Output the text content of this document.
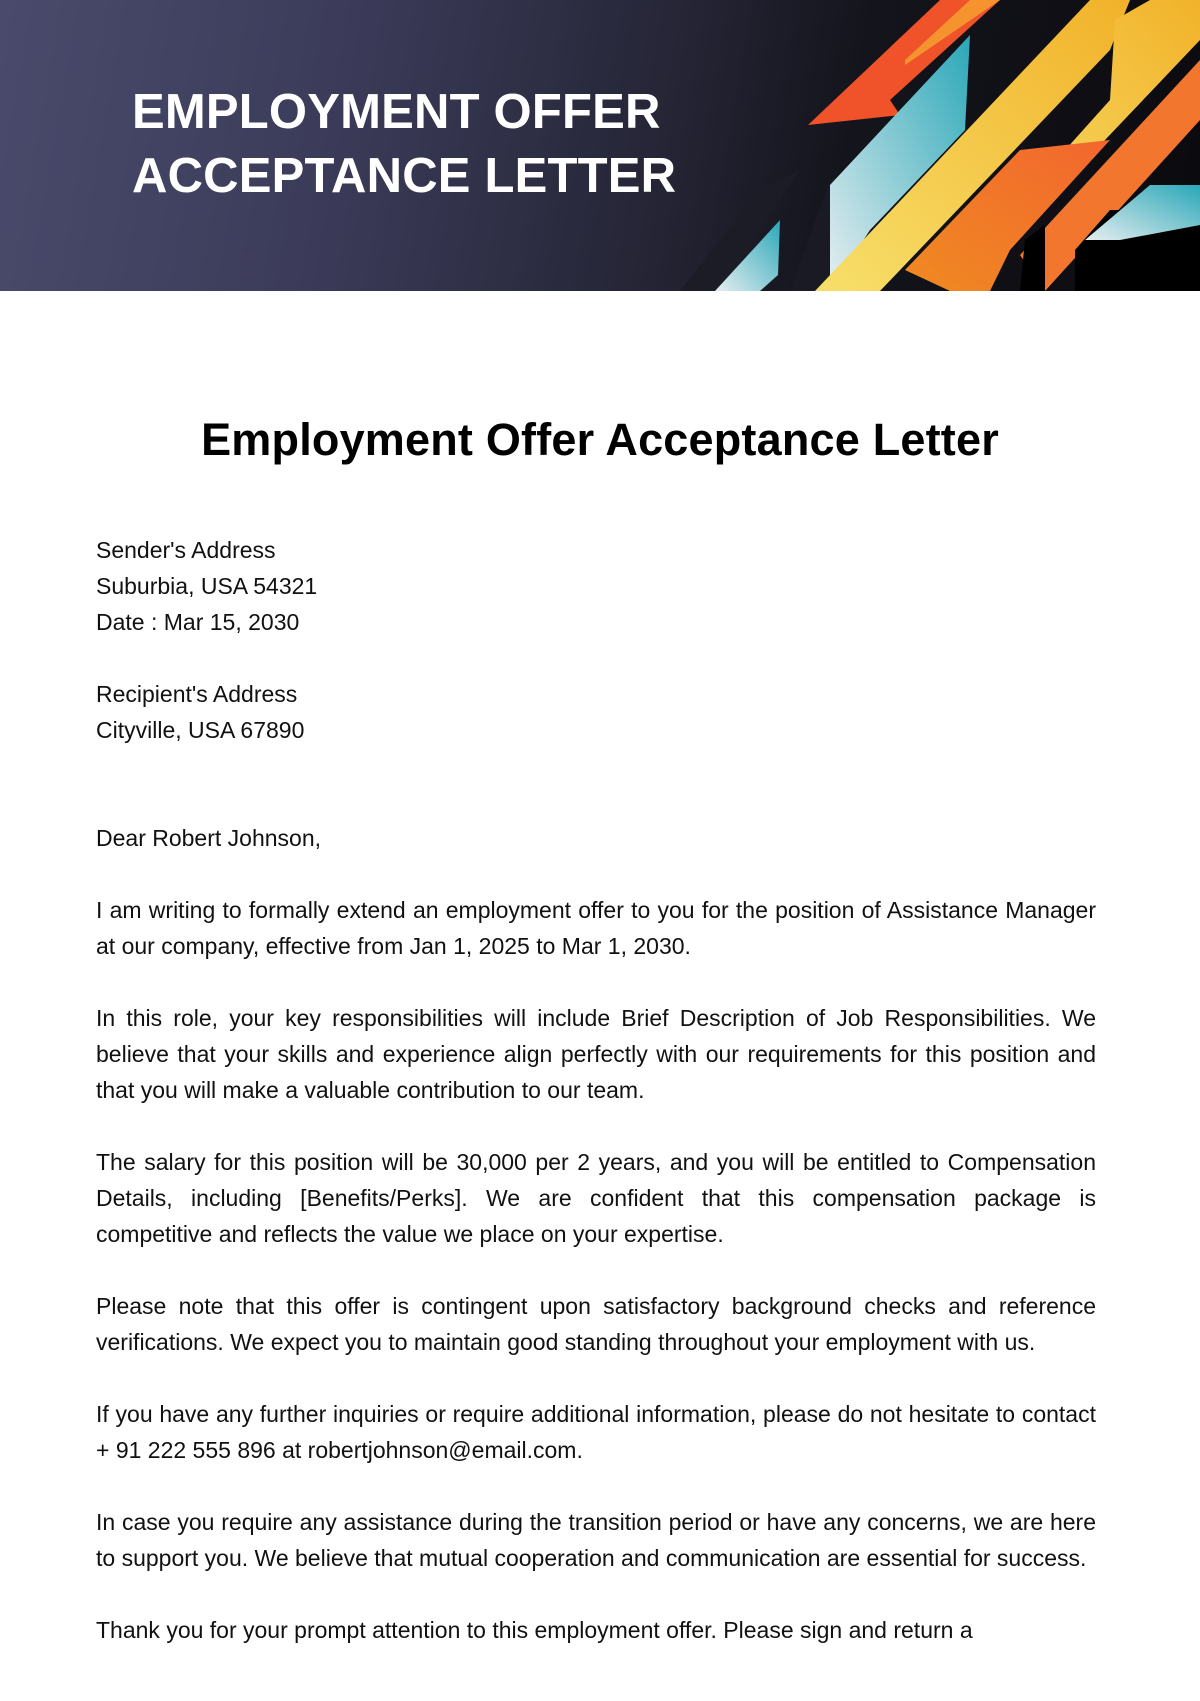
EMPLOYMENT OFFER
ACCEPTANCE LETTER
Employment Offer Acceptance Letter
Sender's Address
Suburbia, USA 54321
Date : Mar 15, 2030
Recipient's Address
Cityville, USA 67890

Dear Robert Johnson,

I am writing to formally extend an employment offer to you for the position of Assistance Manager at our company, effective from Jan 1, 2025 to Mar 1, 2030.

In this role, your key responsibilities will include Brief Description of Job Responsibilities. We believe that your skills and experience align perfectly with our requirements for this position and that you will make a valuable contribution to our team.

The salary for this position will be 30,000 per 2 years, and you will be entitled to Compensation Details, including [Benefits/Perks]. We are confident that this compensation package is competitive and reflects the value we place on your expertise.

Please note that this offer is contingent upon satisfactory background checks and reference verifications. We expect you to maintain good standing throughout your employment with us.

If you have any further inquiries or require additional information, please do not hesitate to contact + 91 222 555 896 at robertjohnson@email.com.

In case you require any assistance during the transition period or have any concerns, we are here to support you. We believe that mutual cooperation and communication are essential for success.

Thank you for your prompt attention to this employment offer. Please sign and return a
